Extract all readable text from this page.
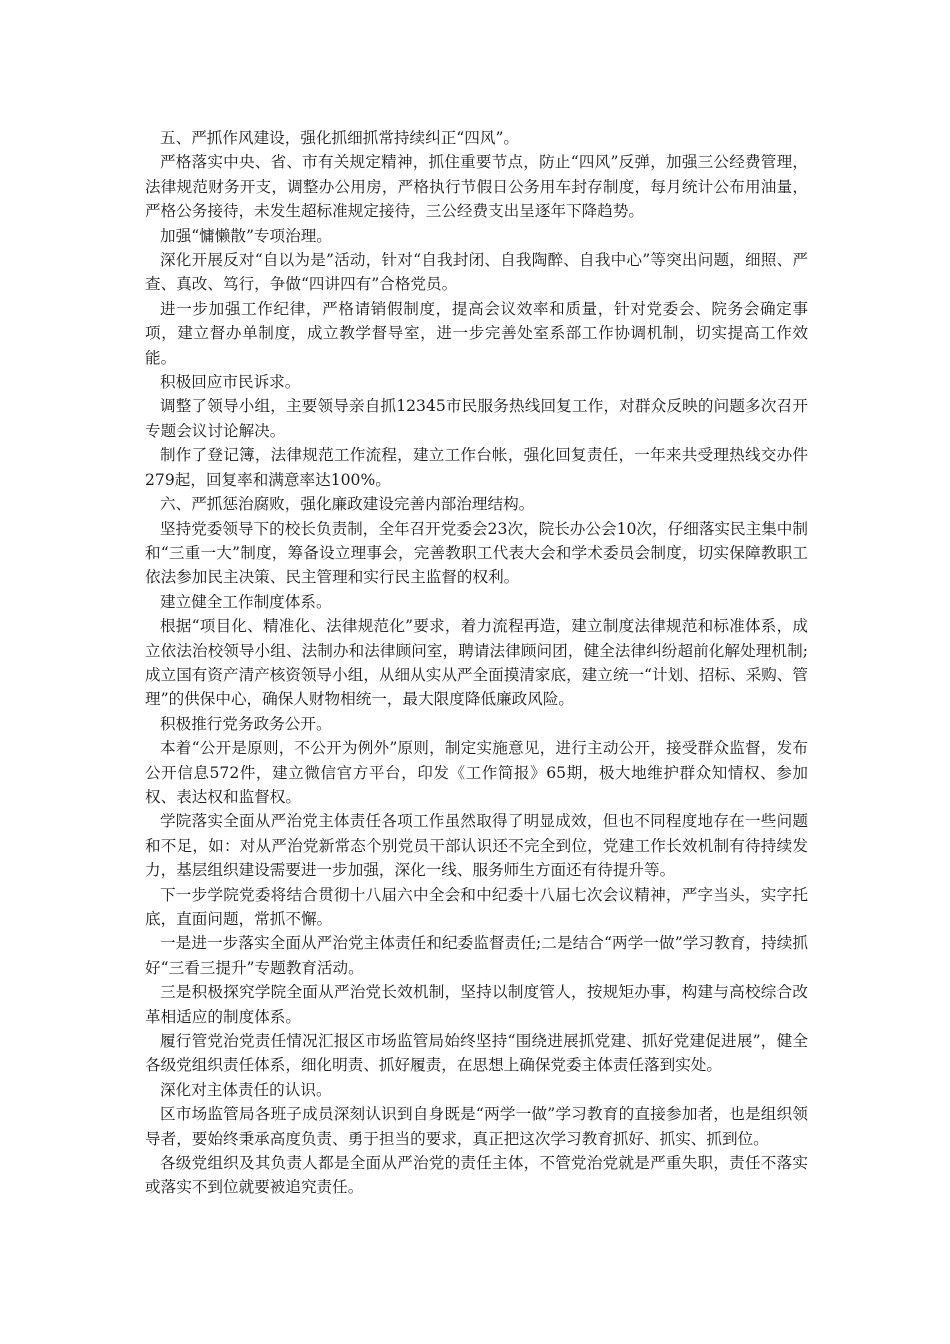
五、严抓作风建设，强化抓细抓常持续纠正“四风”。

严格落实中央、省、市有关规定精神，抓住重要节点，防止“四风”反弹，加强三公经费管理，法律规范财务开支，调整办公用房，严格执行节假日公务用车封存制度，每月统计公布用油量，严格公务接待，未发生超标准规定接待，三公经费支出呈逐年下降趋势。

加强“慵懒散”专项治理。

深化开展反对“自以为是”活动，针对“自我封闭、自我陶醉、自我中心”等突出问题，细照、严查、真改、笃行，争做“四讲四有”合格党员。

进一步加强工作纪律，严格请销假制度，提高会议效率和质量，针对党委会、院务会确定事项，建立督办单制度，成立教学督导室，进一步完善处室系部工作协调机制，切实提高工作效能。

积极回应市民诉求。

调整了领导小组，主要领导亲自抓12345市民服务热线回复工作，对群众反映的问题多次召开专题会议讨论解决。

制作了登记簿，法律规范工作流程，建立工作台帐，强化回复责任，一年来共受理热线交办件279起，回复率和满意率达100%。

六、严抓惩治腐败，强化廉政建设完善内部治理结构。

坚持党委领导下的校长负责制，全年召开党委会23次，院长办公会10次，仔细落实民主集中制和“三重一大”制度，筹备设立理事会，完善教职工代表大会和学术委员会制度，切实保障教职工依法参加民主决策、民主管理和实行民主监督的权利。

建立健全工作制度体系。

根据“项目化、精准化、法律规范化”要求，着力流程再造，建立制度法律规范和标准体系，成立依法治校领导小组、法制办和法律顾问室，聘请法律顾问团，健全法律纠纷超前化解处理机制;成立国有资产清产核资领导小组，从细从实从严全面摸清家底，建立统一“计划、招标、采购、管理”的供保中心，确保人财物相统一，最大限度降低廉政风险。

积极推行党务政务公开。

本着“公开是原则，不公开为例外”原则，制定实施意见，进行主动公开，接受群众监督，发布公开信息572件，建立微信官方平台，印发《工作简报》65期，极大地维护群众知情权、参加权、表达权和监督权。

学院落实全面从严治党主体责任各项工作虽然取得了明显成效，但也不同程度地存在一些问题和不足，如：对从严治党新常态个别党员干部认识还不完全到位，党建工作长效机制有待持续发力，基层组织建设需要进一步加强，深化一线、服务师生方面还有待提升等。

下一步学院党委将结合贯彻十八届六中全会和中纪委十八届七次会议精神，严字当头，实字托底，直面问题，常抓不懈。

一是进一步落实全面从严治党主体责任和纪委监督责任;二是结合“两学一做”学习教育，持续抓好“三看三提升”专题教育活动。

三是积极探究学院全面从严治党长效机制，坚持以制度管人，按规矩办事，构建与高校综合改革相适应的制度体系。

履行管党治党责任情况汇报区市场监管局始终坚持“围绕进展抓党建、抓好党建促进展”，健全各级党组织责任体系，细化明责、抓好履责，在思想上确保党委主体责任落到实处。

深化对主体责任的认识。

区市场监管局各班子成员深刻认识到自身既是“两学一做”学习教育的直接参加者，也是组织领导者，要始终秉承高度负责、勇于担当的要求，真正把这次学习教育抓好、抓实、抓到位。

各级党组织及其负责人都是全面从严治党的责任主体，不管党治党就是严重失职，责任不落实或落实不到位就要被追究责任。
